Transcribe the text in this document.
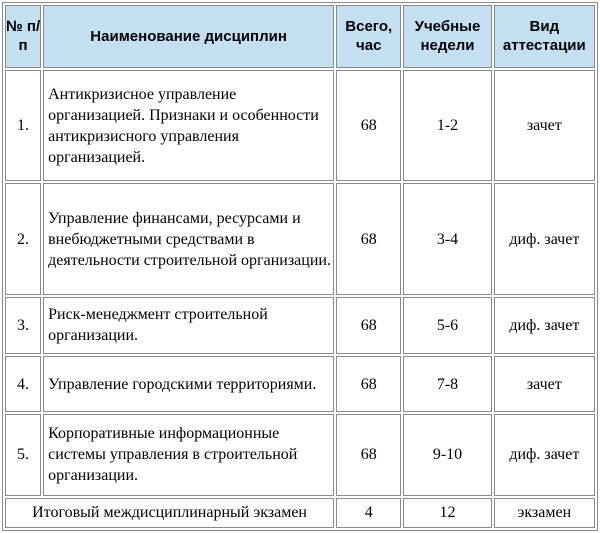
№ п/п	Наименование дисциплин	Всего, час	Учебные недели	Вид аттестации
1.	Антикризисное управление организацией. Признаки и особенности антикризисного управления организацией.	68	1-2	зачет
2.	Управление финансами, ресурсами и внебюджетными средствами в деятельности строительной организации.	68	3-4	диф. зачет
3.	Риск-менеджмент строительной организации.	68	5-6	диф. зачет
4.	Управление городскими территориями.	68	7-8	зачет
5.	Корпоративные информационные системы управления в строительной организации.	68	9-10	диф. зачет
Итоговый междисциплинарный экзамен		4	12	экзамен
